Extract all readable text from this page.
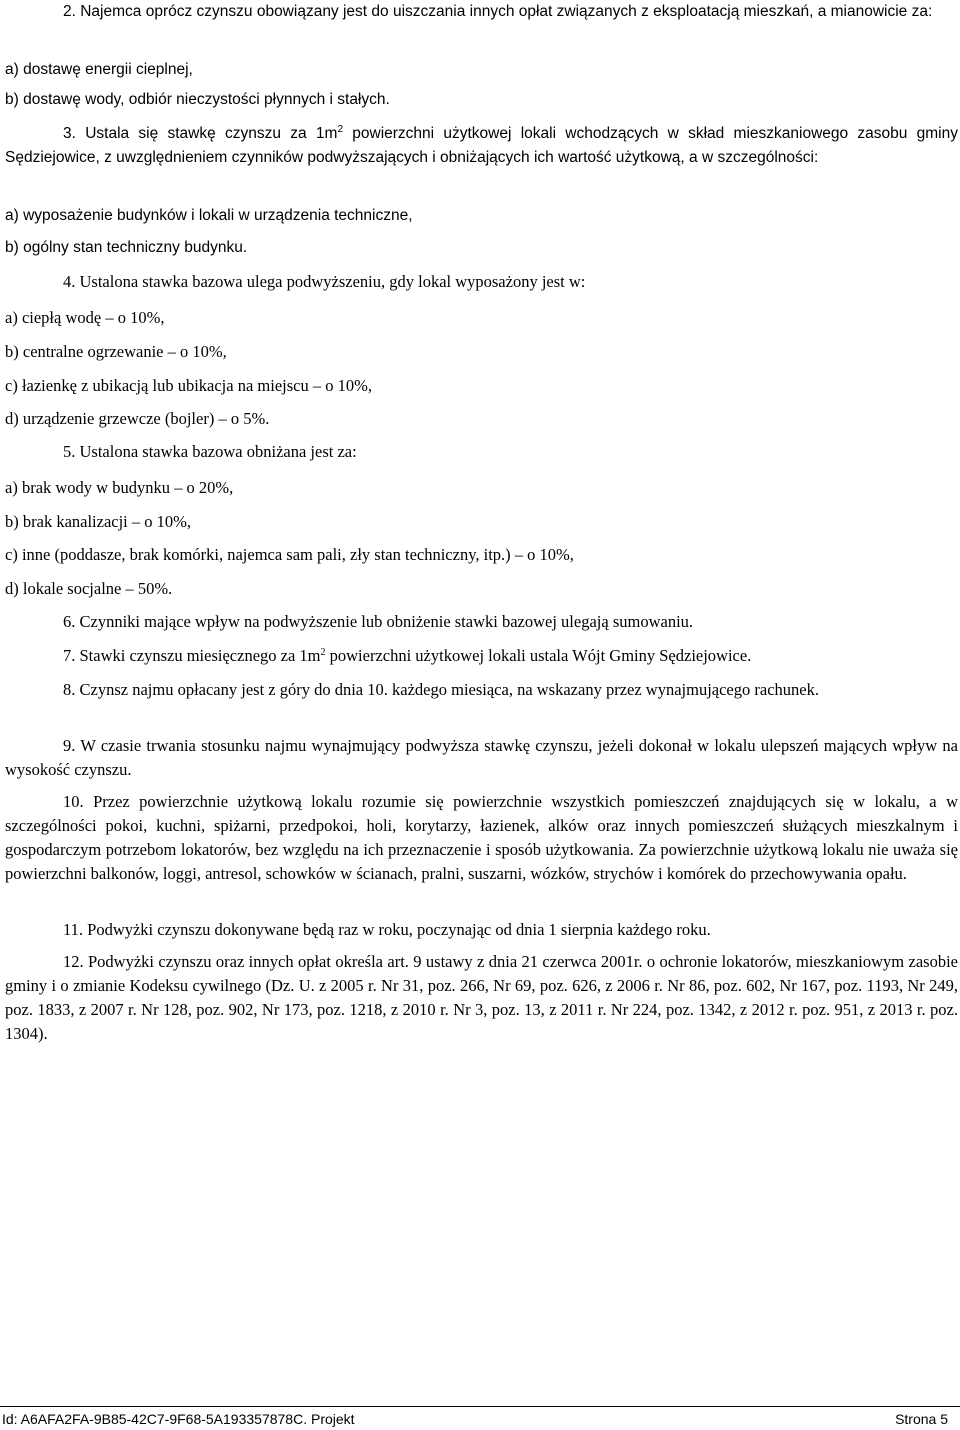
2. Najemca oprócz czynszu obowiązany jest do uiszczania innych opłat związanych z eksploatacją mieszkań, a mianowicie za:

a) dostawę energii cieplnej,

b) dostawę wody, odbiór nieczystości płynnych i stałych.

3. Ustala się stawkę czynszu za $1m^2$ powierzchni użytkowej lokali wchodzących w skład mieszkaniowego zasobu gminy Sędziejowice, z uwzględnieniem czynników podwyższających i obniżających ich wartość użytkową, a w szczególności:

a) wyposażenie budynków i lokali w urządzenia techniczne,

b) ogólny stan techniczny budynku.

4. Ustalona stawka bazowa ulega podwyższeniu, gdy lokal wyposażony jest w:

a) ciepłą wodę – o 10%,

b) centralne ogrzewanie – o 10%,

c) łazienkę z ubikacją lub ubikacja na miejscu – o 10%,

d) urządzenie grzewcze (bojler) – o 5%.

5. Ustalona stawka bazowa obniżana jest za:

a) brak wody w budynku – o 20%,

b) brak kanalizacji – o 10%,

c) inne (poddasze, brak komórki, najemca sam pali, zły stan techniczny, itp.) – o 10%,

d) lokale socjalne – 50%.

6. Czynniki mające wpływ na podwyższenie lub obniżenie stawki bazowej ulegają sumowaniu.

7. Stawki czynszu miesięcznego za $1m^2$ powierzchni użytkowej lokali ustala Wójt Gminy Sędziejowice.

8. Czynsz najmu opłacany jest z góry do dnia 10. każdego miesiąca, na wskazany przez wynajmującego rachunek.

9. W czasie trwania stosunku najmu wynajmujący podwyższa stawkę czynszu, jeżeli dokonał w lokalu ulepszeń mających wpływ na wysokość czynszu.

10. Przez powierzchnie użytkową lokalu rozumie się powierzchnie wszystkich pomieszczeń znajdujących się w lokalu, a w szczególności pokoi, kuchni, spiżarni, przedpokoi, holi, korytarzy, łazienek, alków oraz innych pomieszczeń służących mieszkalnym i gospodarczym potrzebom lokatorów, bez względu na ich przeznaczenie i sposób użytkowania. Za powierzchnie użytkową lokalu nie uważa się powierzchni balkonów, loggi, antresol, schowków w ścianach, pralni, suszarni, wózków, strychów i komórek do przechowywania opału.

11. Podwyżki czynszu dokonywane będą raz w roku, poczynając od dnia 1 sierpnia każdego roku.

12. Podwyżki czynszu oraz innych opłat określa art. 9 ustawy z dnia 21 czerwca 2001r. o ochronie lokatorów, mieszkaniowym zasobie gminy i o zmianie Kodeksu cywilnego (Dz. U. z 2005 r. Nr 31, poz. 266, Nr 69, poz. 626, z 2006 r. Nr 86, poz. 602, Nr 167, poz. 1193, Nr 249, poz. 1833, z 2007 r. Nr 128, poz. 902, Nr 173, poz. 1218, z 2010 r. Nr 3, poz. 13, z 2011 r. Nr 224, poz. 1342, z 2012 r. poz. 951, z 2013 r. poz. 1304).

Id: A6AFA2FA-9B85-42C7-9F68-5A193357878C. Projekt	Strona 5
